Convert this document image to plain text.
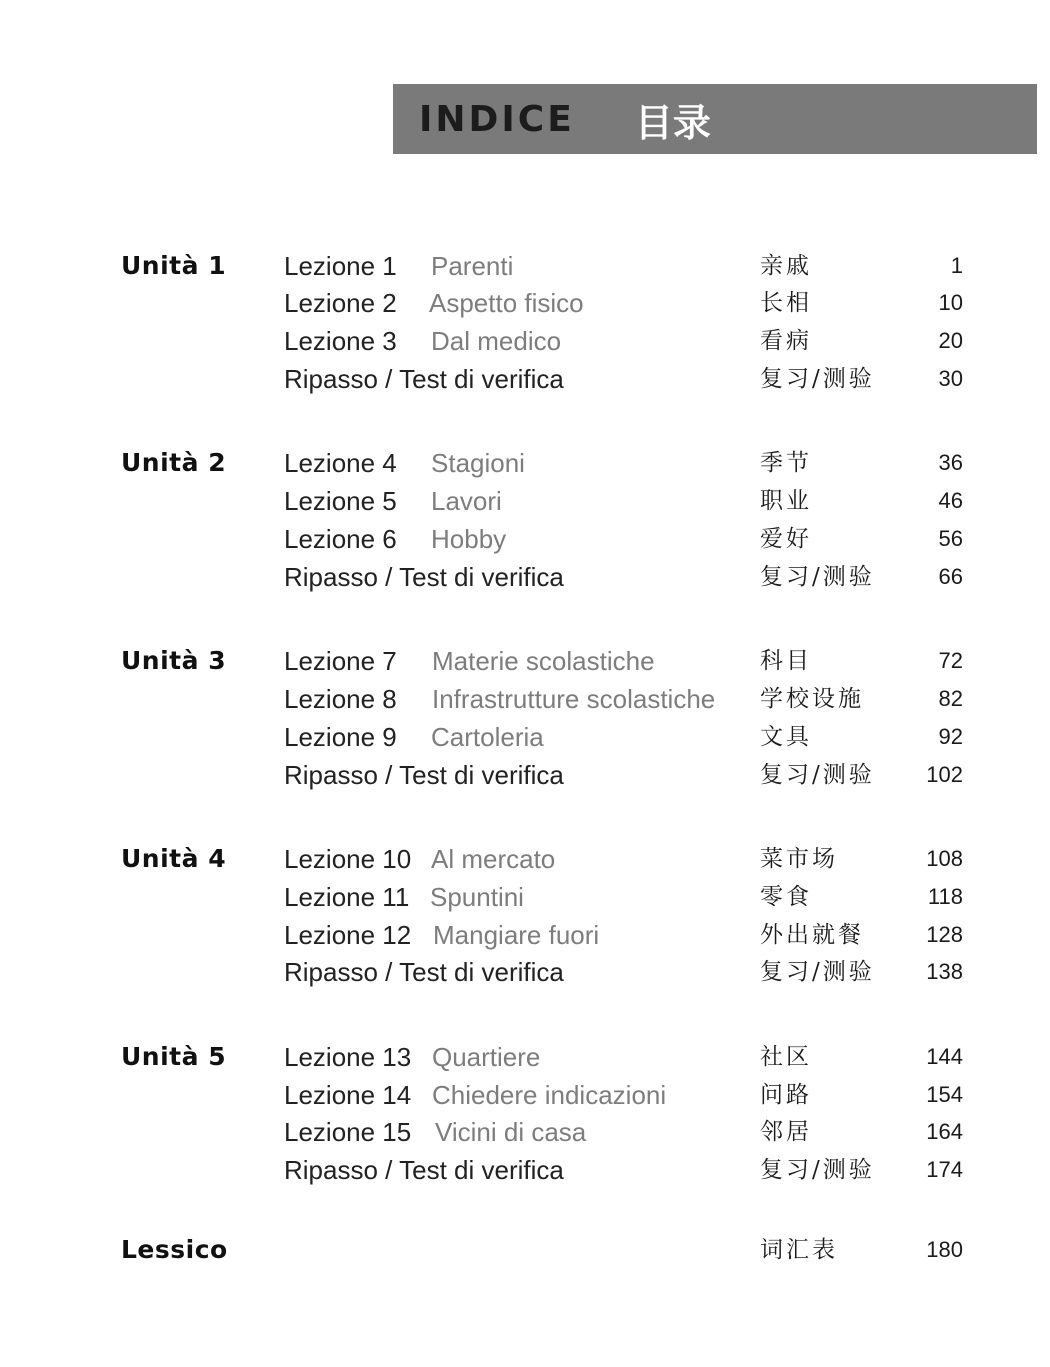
INDICE 目录
Unità 1 Lezione 1 Parenti	亲戚	1
Lezione 2 Aspetto fisico	长相	10
Lezione 3 Dal medico	看病	20
Ripasso / Test di verifica	复习/测验	30
Unità 2 Lezione 4 Stagioni	季节	36
Lezione 5 Lavori	职业	46
Lezione 6 Hobby	爱好	56
Ripasso / Test di verifica	复习/测验	66
Unità 3 Lezione 7 Materie scolastiche	科目	72
Lezione 8 Infrastrutture scolastiche 学校设施	82
Lezione 9 Cartoleria	文具	92
Ripasso / Test di verifica	复习/测验 102
Unità 4 Lezione 10 Al mercato	菜市场	108
Lezione 11 Spuntini	零食	118
Lezione 12 Mangiare fuori	外出就餐	128
Ripasso / Test di verifica	复习/测验 138
Unità 5 Lezione 13 Quartiere	社区	144
Lezione 14 Chiedere indicazioni	问路	154
Lezione 15 Vicini di casa	邻居	164
Ripasso / Test di verifica	复习/测验 174
Lessico	词汇表	180
